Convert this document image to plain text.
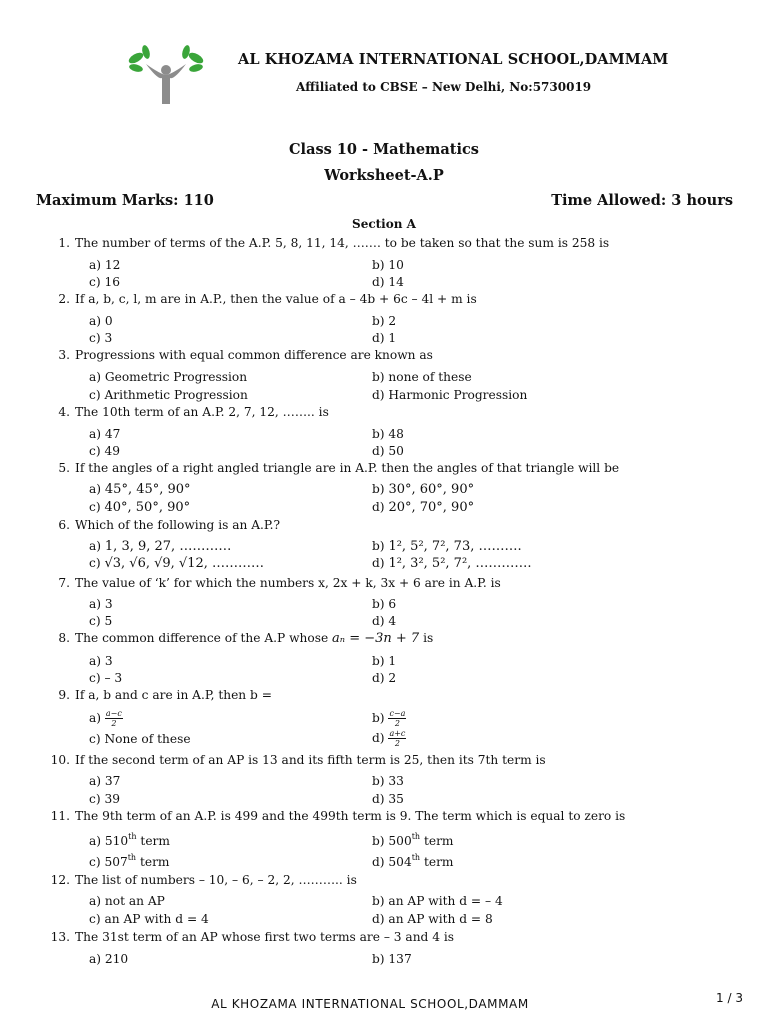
AL KHOZAMA INTERNATIONAL SCHOOL,DAMMAM
Affiliated to CBSE – New Delhi, No:5730019
Class 10 - Mathematics
Worksheet-A.P
Maximum Marks: 110	Time Allowed: 3 hours
Section A
1. The number of terms of the A.P. 5, 8, 11, 14, ……. to be taken so that the sum is 258 is
a) 12	b) 10
c) 16	d) 14
2. If a, b, c, l, m are in A.P., then the value of a – 4b + 6c – 4l + m is
a) 0	b) 2
c) 3	d) 1
3. Progressions with equal common difference are known as
a) Geometric Progression	b) none of these
c) Arithmetic Progression	d) Harmonic Progression
4. The 10th term of an A.P. 2, 7, 12, …….. is
a) 47	b) 48
c) 49	d) 50
5. If the angles of a right angled triangle are in A.P. then the angles of that triangle will be
a) 45°, 45°, 90°	b) 30°, 60°, 90°
c) 40°, 50°, 90°	d) 20°, 70°, 90°
6. Which of the following is an A.P.?
a) 1, 3, 9, 27, …………	b) 1², 5², 7², 73, ……….
c) √3, √6, √9, √12, …………	d) 1², 3², 5², 7², ………….
7. The value of ‘k’ for which the numbers x, 2x + k, 3x + 6 are in A.P. is
a) 3	b) 6
c) 5	d) 4
8. The common difference of the A.P whose aₙ = −3n + 7 is
a) 3	b) 1
c) – 3	d) 2
9. If a, b and c are in A.P, then b =
$a) \frac{a-c}{2}$	$b) \frac{c-a}{2}$
c) None of these	$d) \frac{a+c}{2}$
10. If the second term of an AP is 13 and its fifth term is 25, then its 7th term is
a) 37	b) 33
c) 39	d) 35
11. The 9th term of an A.P. is 499 and the 499th term is 9. The term which is equal to zero is
a) 510th term	b) 500th term
c) 507th term	d) 504th term
12. The list of numbers – 10, – 6, – 2, 2, ……….. is
a) not an AP	b) an AP with d = – 4
c) an AP with d = 4	d) an AP with d = 8
13. The 31st term of an AP whose first two terms are – 3 and 4 is
a) 210	b) 137
AL KHOZAMA INTERNATIONAL SCHOOL,DAMMAM	1 / 3
